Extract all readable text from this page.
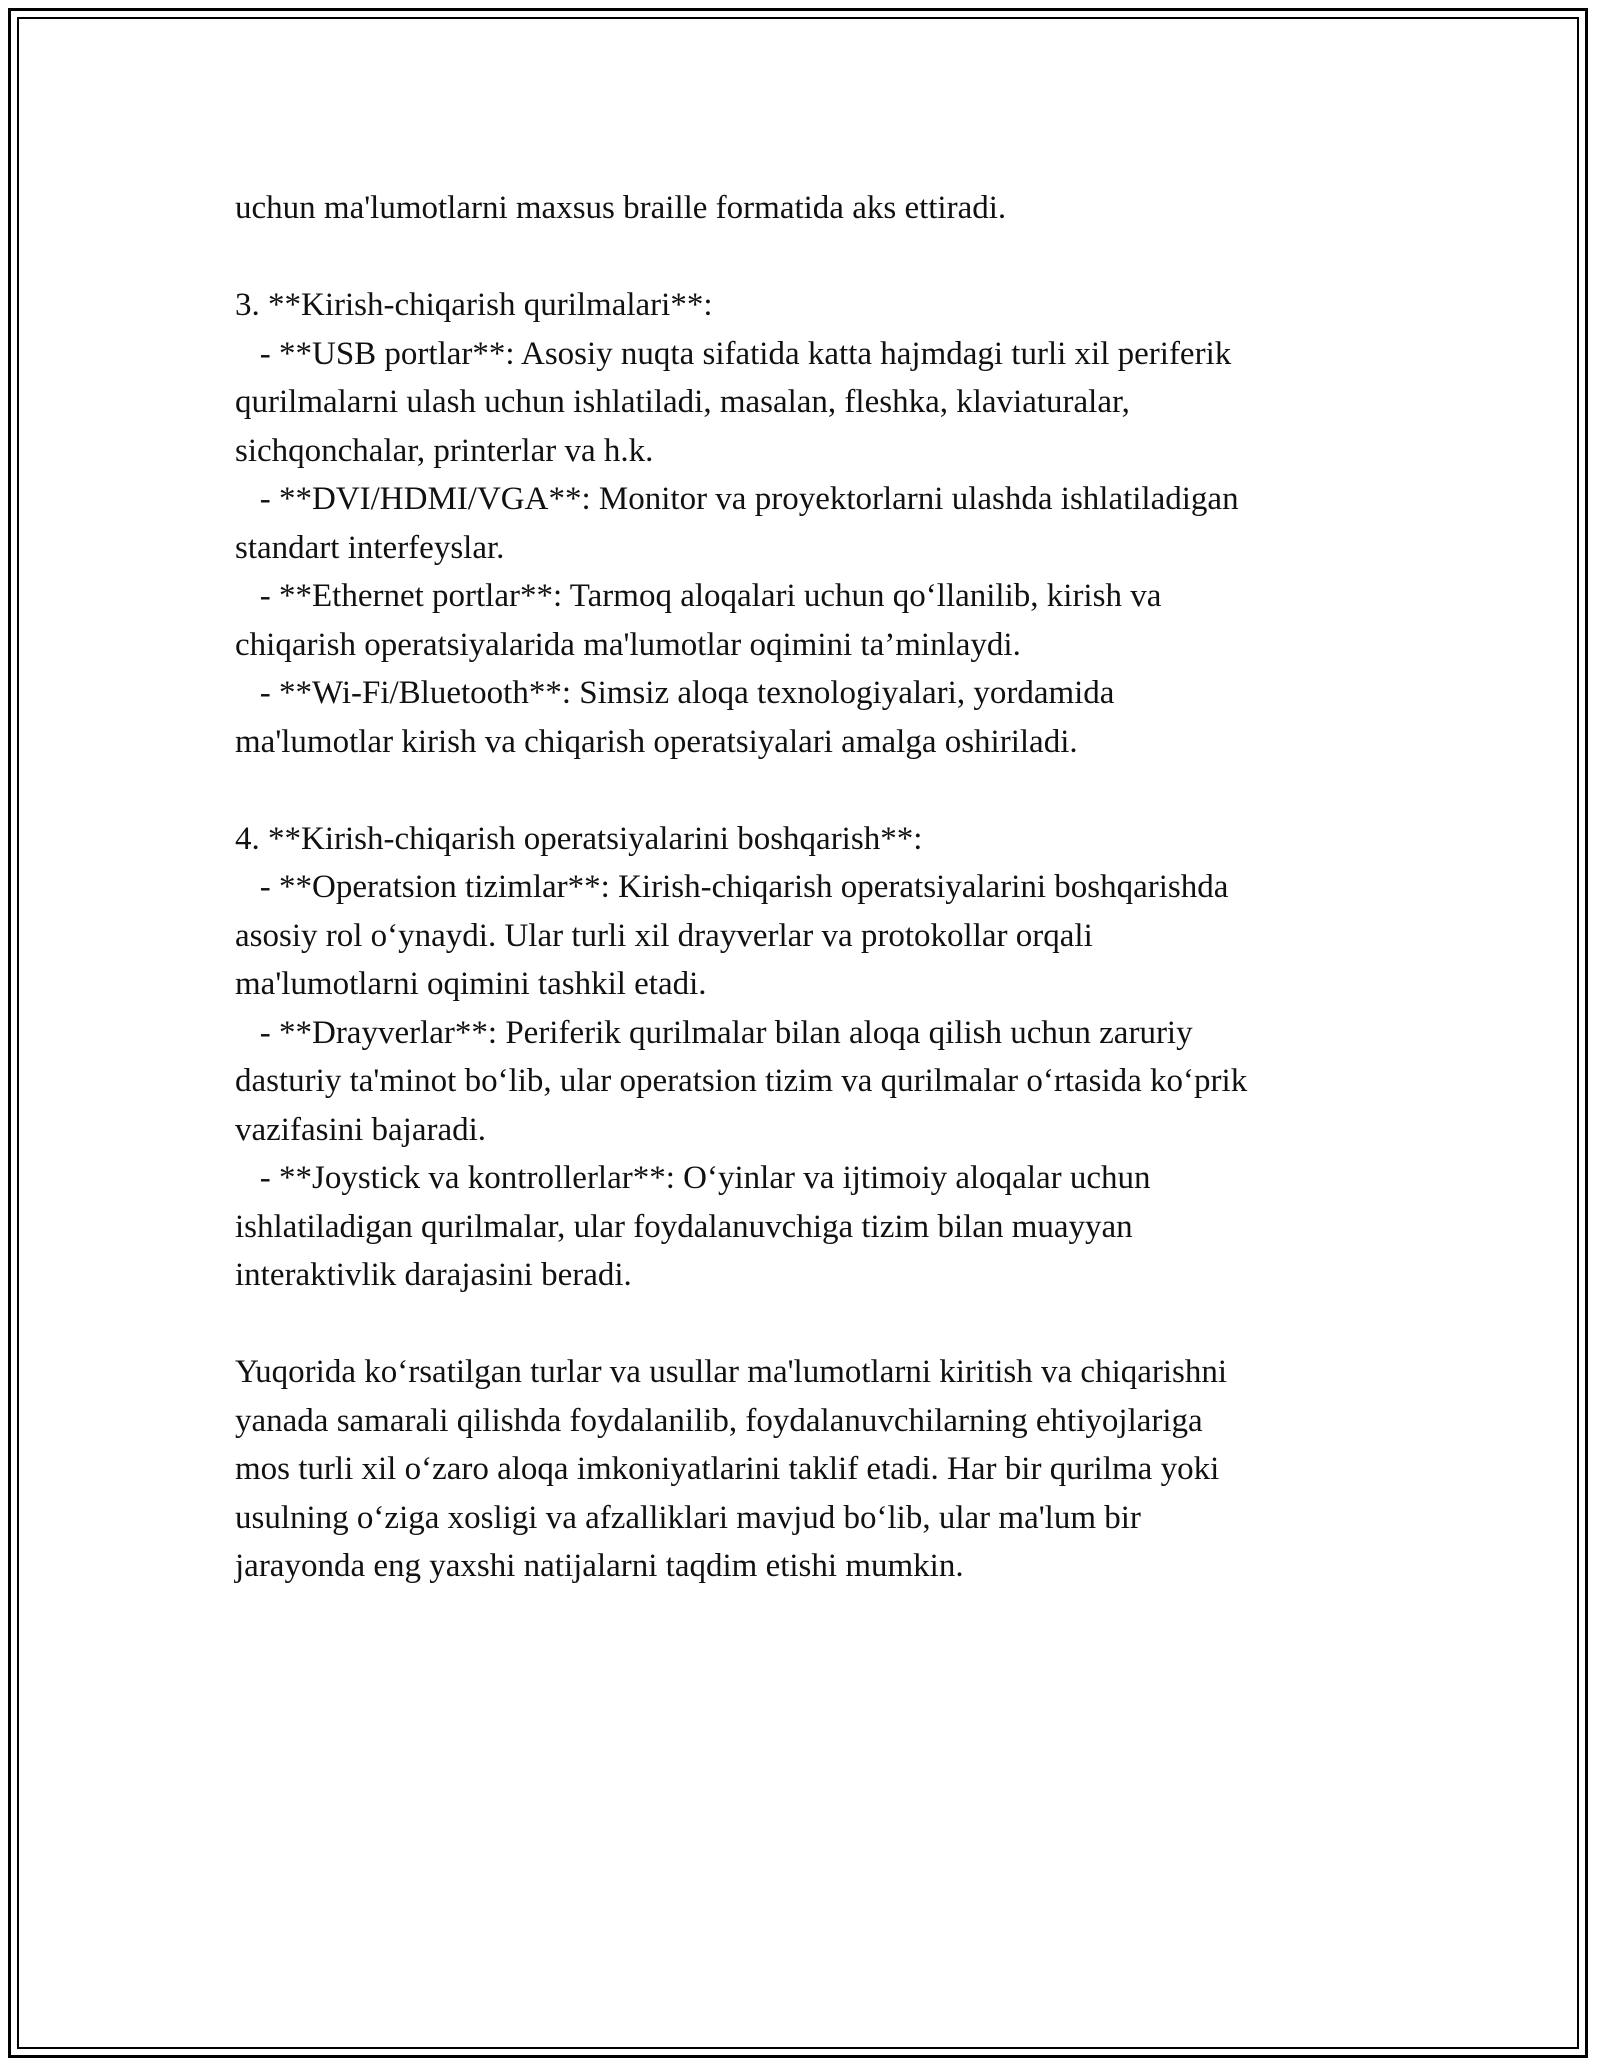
uchun ma'lumotlarni maxsus braille formatida aks ettiradi.
3. **Kirish-chiqarish qurilmalari**:
- **USB portlar**: Asosiy nuqta sifatida katta hajmdagi turli xil periferik
qurilmalarni ulash uchun ishlatiladi, masalan, fleshka, klaviaturalar,
sichqonchalar, printerlar va h.k.
- **DVI/HDMI/VGA**: Monitor va proyektorlarni ulashda ishlatiladigan
standart interfeyslar.
- **Ethernet portlar**: Tarmoq aloqalari uchun qo‘llanilib, kirish va
chiqarish operatsiyalarida ma'lumotlar oqimini ta’minlaydi.
- **Wi-Fi/Bluetooth**: Simsiz aloqa texnologiyalari, yordamida
ma'lumotlar kirish va chiqarish operatsiyalari amalga oshiriladi.
4. **Kirish-chiqarish operatsiyalarini boshqarish**:
- **Operatsion tizimlar**: Kirish-chiqarish operatsiyalarini boshqarishda
asosiy rol o‘ynaydi. Ular turli xil drayverlar va protokollar orqali
ma'lumotlarni oqimini tashkil etadi.
- **Drayverlar**: Periferik qurilmalar bilan aloqa qilish uchun zaruriy
dasturiy ta'minot bo‘lib, ular operatsion tizim va qurilmalar o‘rtasida ko‘prik
vazifasini bajaradi.
- **Joystick va kontrollerlar**: O‘yinlar va ijtimoiy aloqalar uchun
ishlatiladigan qurilmalar, ular foydalanuvchiga tizim bilan muayyan
interaktivlik darajasini beradi.
Yuqorida ko‘rsatilgan turlar va usullar ma'lumotlarni kiritish va chiqarishni
yanada samarali qilishda foydalanilib, foydalanuvchilarning ehtiyojlariga
mos turli xil o‘zaro aloqa imkoniyatlarini taklif etadi. Har bir qurilma yoki
usulning o‘ziga xosligi va afzalliklari mavjud bo‘lib, ular ma'lum bir
jarayonda eng yaxshi natijalarni taqdim etishi mumkin.
